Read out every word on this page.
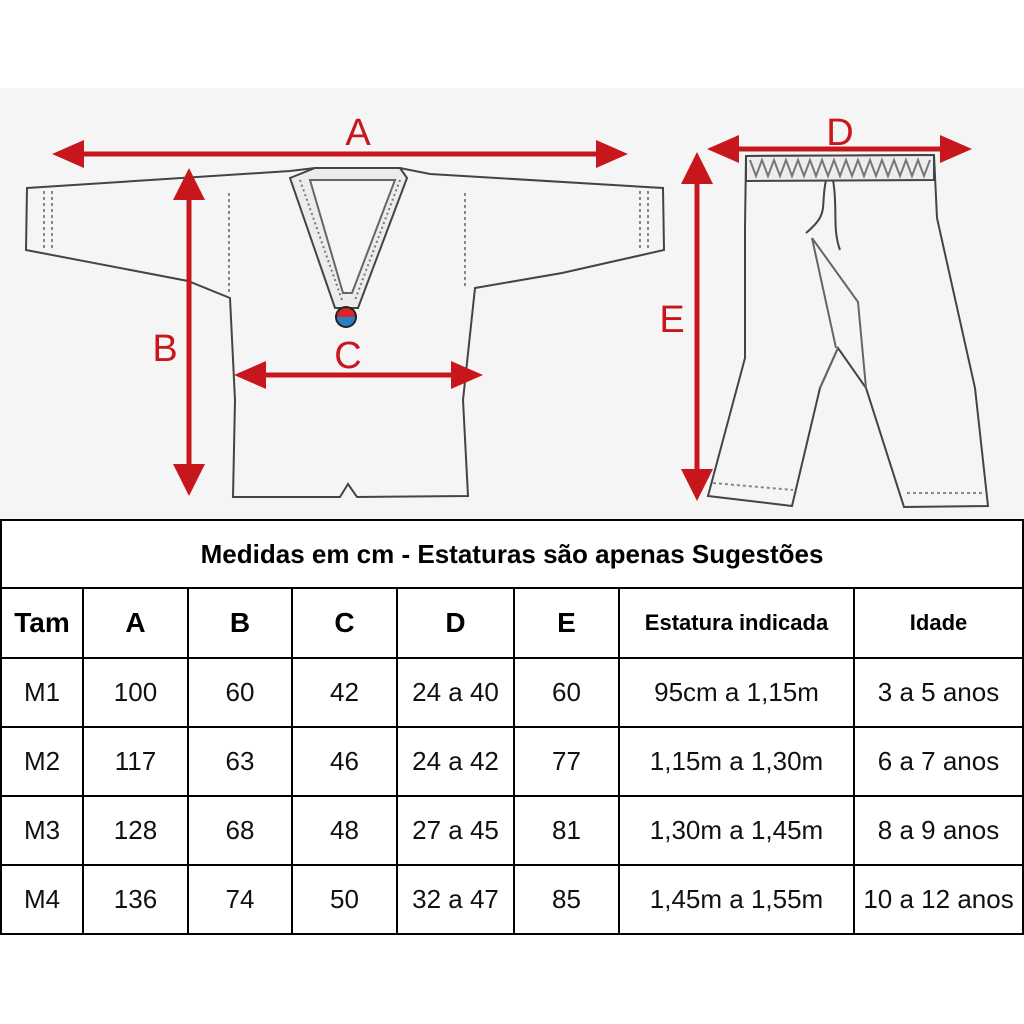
A
B	C
D
E
Medidas em cm - Estaturas são apenas Sugestões							
Tam	A	B	C	D	E	Estatura indicada	Idade
M1	100	60	42	24 a 40	60	95cm a 1,15m	3 a 5 anos
M2	117	63	46	24 a 42	77	1,15m a 1,30m	6 a 7 anos
M3	128	68	48	27 a 45	81	1,30m a 1,45m	8 a 9 anos
M4	136	74	50	32 a 47	85	1,45m a 1,55m	10 a 12 anos
